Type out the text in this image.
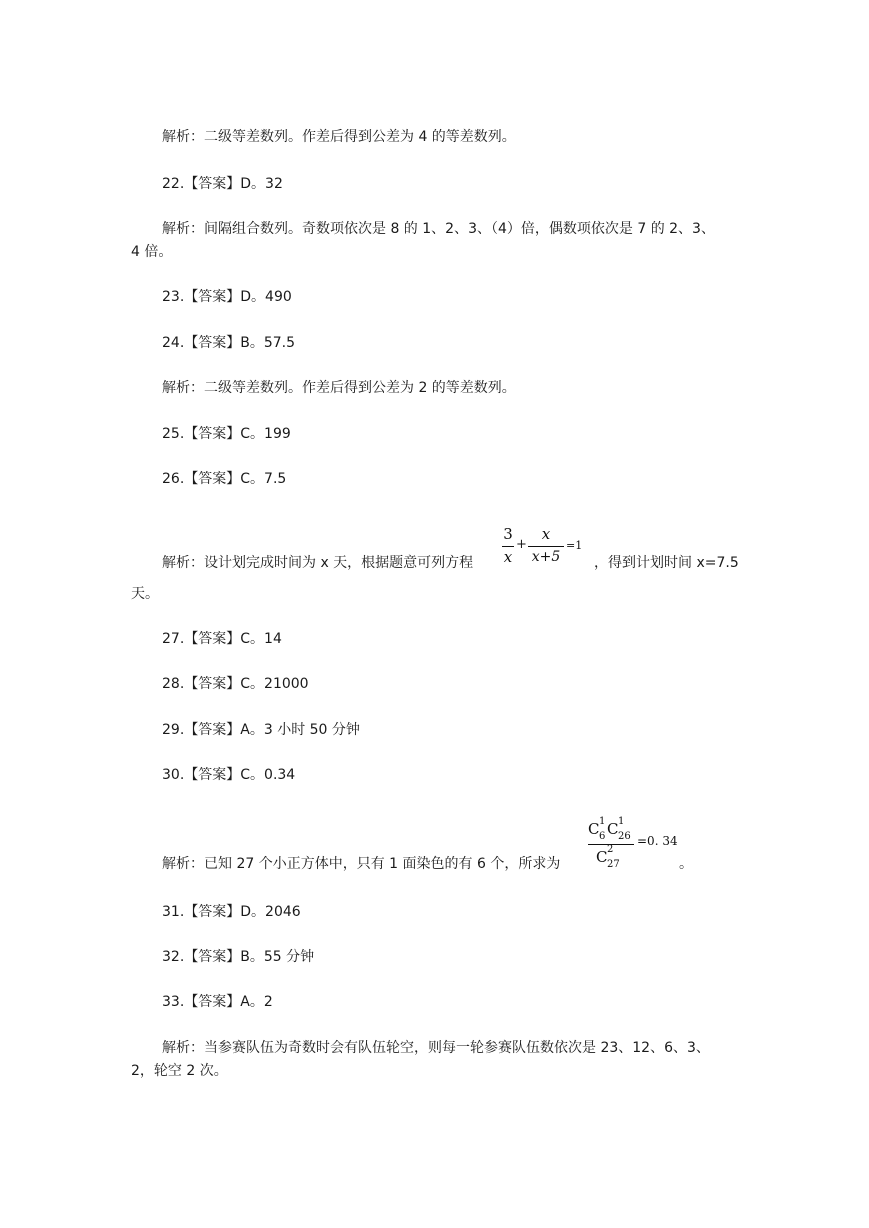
解析：二级等差数列。作差后得到公差为 4 的等差数列。
22.【答案】D。32
解析：间隔组合数列。奇数项依次是 8 的 1、2、3、（4）倍，偶数项依次是 7 的 2、3、
4 倍。
23.【答案】D。490
24.【答案】B。57.5
解析：二级等差数列。作差后得到公差为 2 的等差数列。
25.【答案】C。199
26.【答案】C。7.5
解析：设计划完成时间为 x 天，根据题意可列方程
3
x
+
x
x+5
=1
，得到计划时间 x=7.5
天。
27.【答案】C。14
28.【答案】C。21000
29.【答案】A。3 小时 50 分钟
30.【答案】C。0.34
解析：已知 27 个小正方体中，只有 1 面染色的有 6 个，所求为
C 6
1 C 26
1
C 27
2
=0. 34
。
31.【答案】D。2046
32.【答案】B。55 分钟
33.【答案】A。2
解析：当参赛队伍为奇数时会有队伍轮空，则每一轮参赛队伍数依次是 23、12、6、3、
2，轮空 2 次。
